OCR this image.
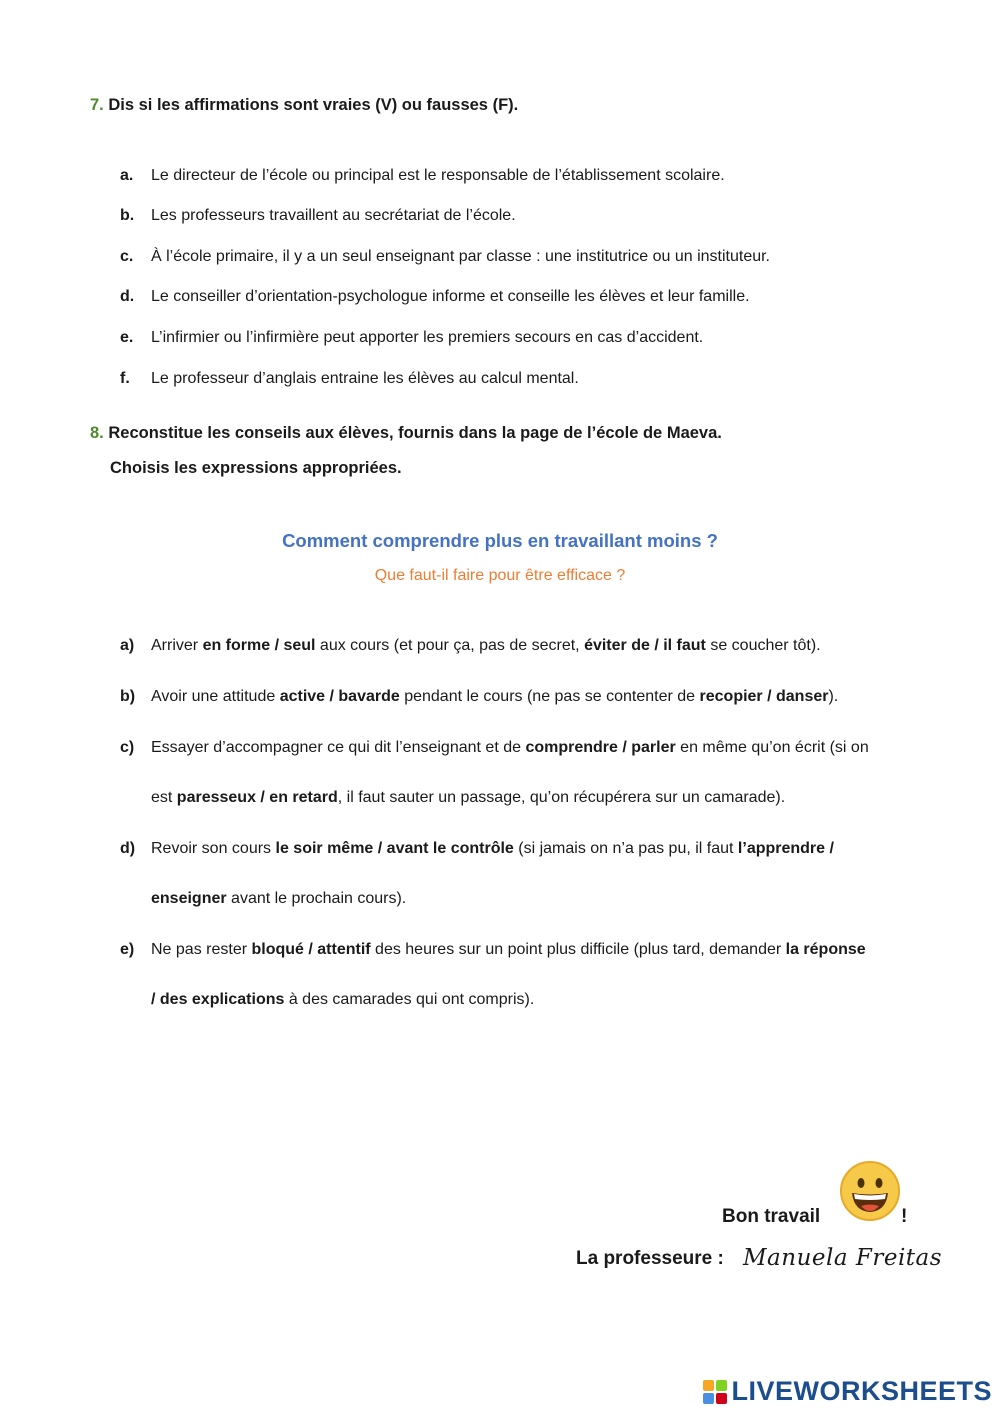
7. Dis si les affirmations sont vraies (V) ou fausses (F).
a. Le directeur de l’école ou principal est le responsable de l’établissement scolaire.
b. Les professeurs travaillent au secrétariat de l’école.
c. À l’école primaire, il y a un seul enseignant par classe : une institutrice ou un instituteur.
d. Le conseiller d’orientation-psychologue informe et conseille les élèves et leur famille.
e. L’infirmier ou l’infirmière peut apporter les premiers secours en cas d’accident.
f. Le professeur d’anglais entraine les élèves au calcul mental.
8. Reconstitue les conseils aux élèves, fournis dans la page de l’école de Maeva.
Choisis les expressions appropriées.
Comment comprendre plus en travaillant moins ?
Que faut-il faire pour être efficace ?
a) Arriver en forme / seul aux cours (et pour ça, pas de secret, éviter de / il faut se coucher tôt).
b) Avoir une attitude active / bavarde pendant le cours (ne pas se contenter de recopier / danser).
c) Essayer d’accompagner ce qui dit l’enseignant et de comprendre / parler en même qu’on écrit (si on
est paresseux / en retard, il faut sauter un passage, qu’on récupérera sur un camarade).
d) Revoir son cours le soir même / avant le contrôle (si jamais on n’a pas pu, il faut l’apprendre /
enseigner avant le prochain cours).
e) Ne pas rester bloqué / attentif des heures sur un point plus difficile (plus tard, demander la réponse
/ des explications à des camarades qui ont compris).
Bon travail	!
La professeure : Manuela Freitas
LIVEWORKSHEETS
